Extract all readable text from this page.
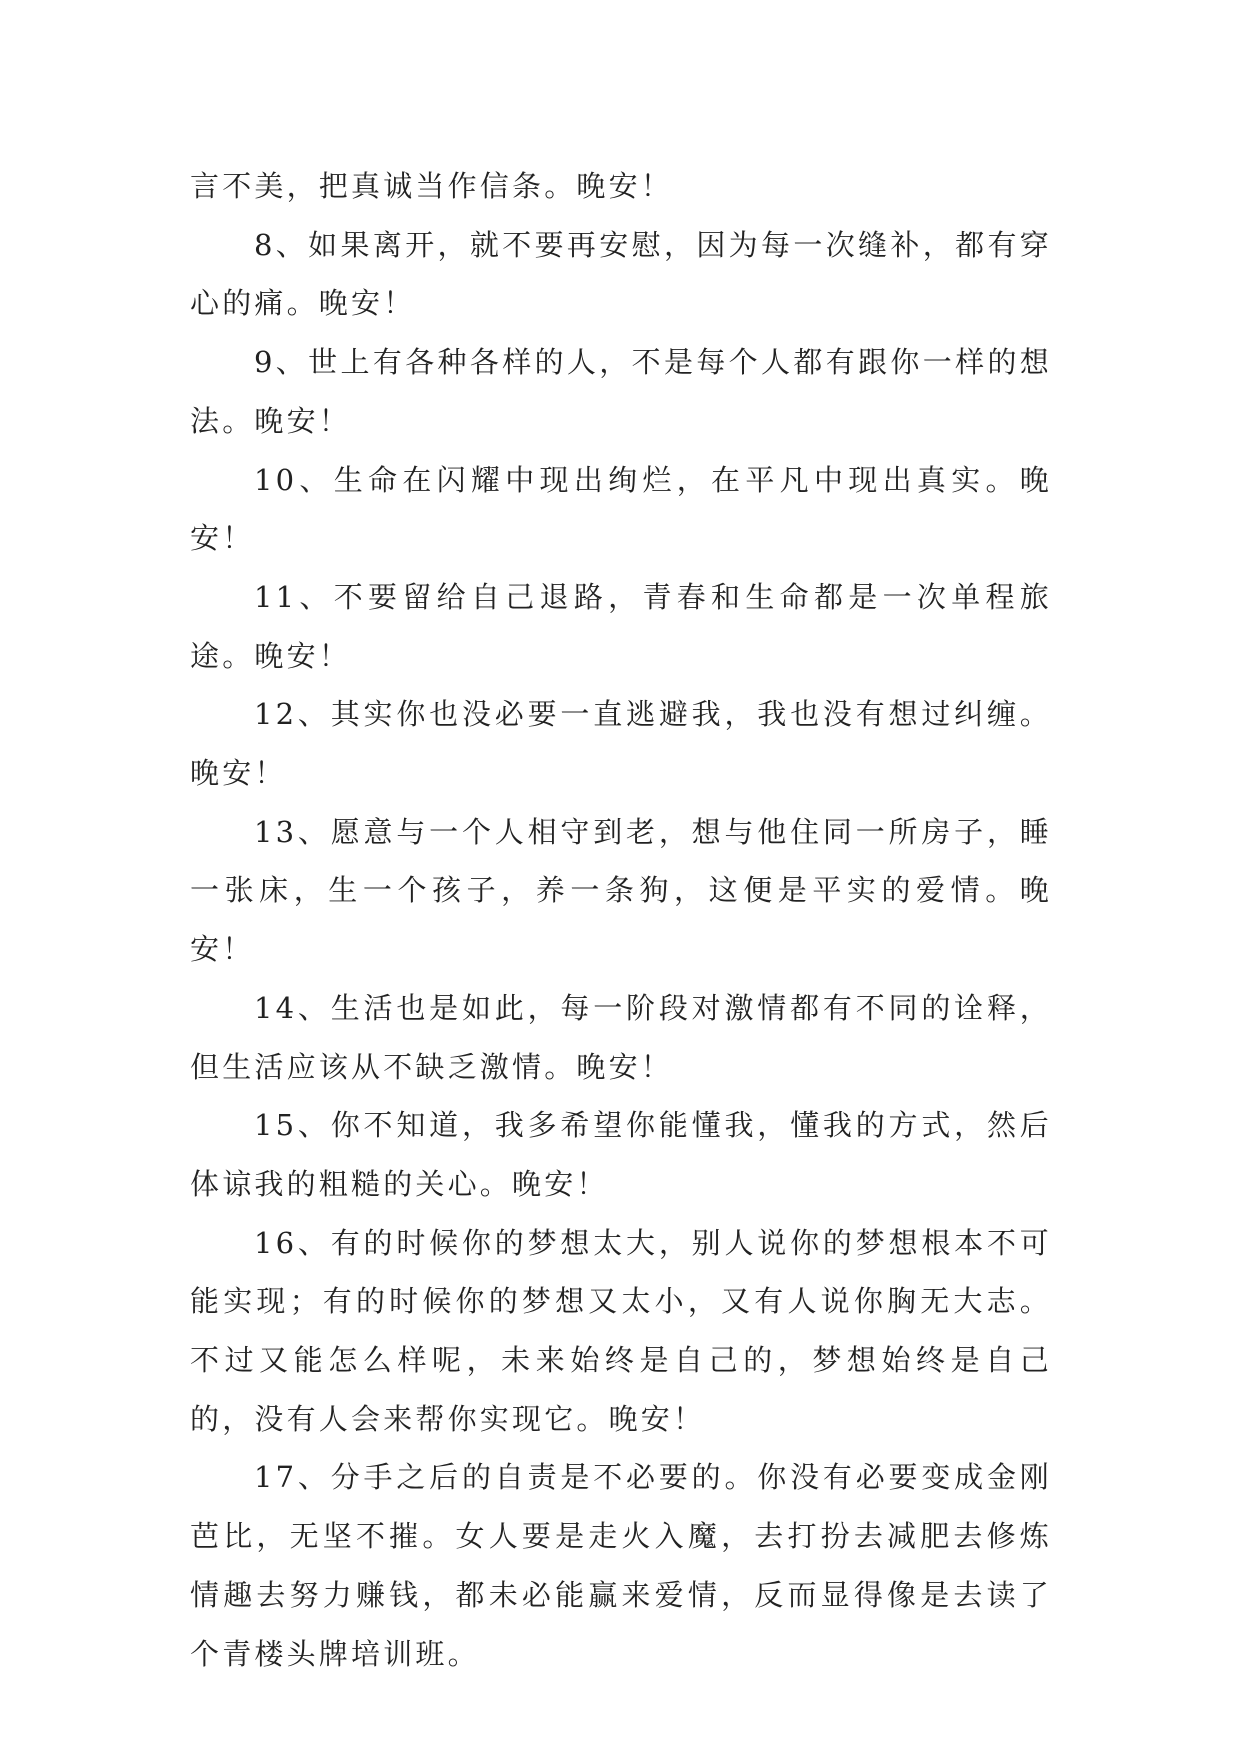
言不美，把真诚当作信条。晚安！

8、如果离开，就不要再安慰，因为每一次缝补，都有穿心的痛。晚安！

9、世上有各种各样的人，不是每个人都有跟你一样的想法。晚安！

10、生命在闪耀中现出绚烂，在平凡中现出真实。晚安！

11、不要留给自己退路，青春和生命都是一次单程旅途。晚安！

12、其实你也没必要一直逃避我，我也没有想过纠缠。晚安！

13、愿意与一个人相守到老，想与他住同一所房子，睡一张床，生一个孩子，养一条狗，这便是平实的爱情。晚安！

14、生活也是如此，每一阶段对激情都有不同的诠释，但生活应该从不缺乏激情。晚安！

15、你不知道，我多希望你能懂我，懂我的方式，然后体谅我的粗糙的关心。晚安！

16、有的时候你的梦想太大，别人说你的梦想根本不可能实现；有的时候你的梦想又太小，又有人说你胸无大志。不过又能怎么样呢，未来始终是自己的，梦想始终是自己的，没有人会来帮你实现它。晚安！

17、分手之后的自责是不必要的。你没有必要变成金刚芭比，无坚不摧。女人要是走火入魔，去打扮去减肥去修炼情趣去努力赚钱，都未必能赢来爱情，反而显得像是去读了个青楼头牌培训班。
